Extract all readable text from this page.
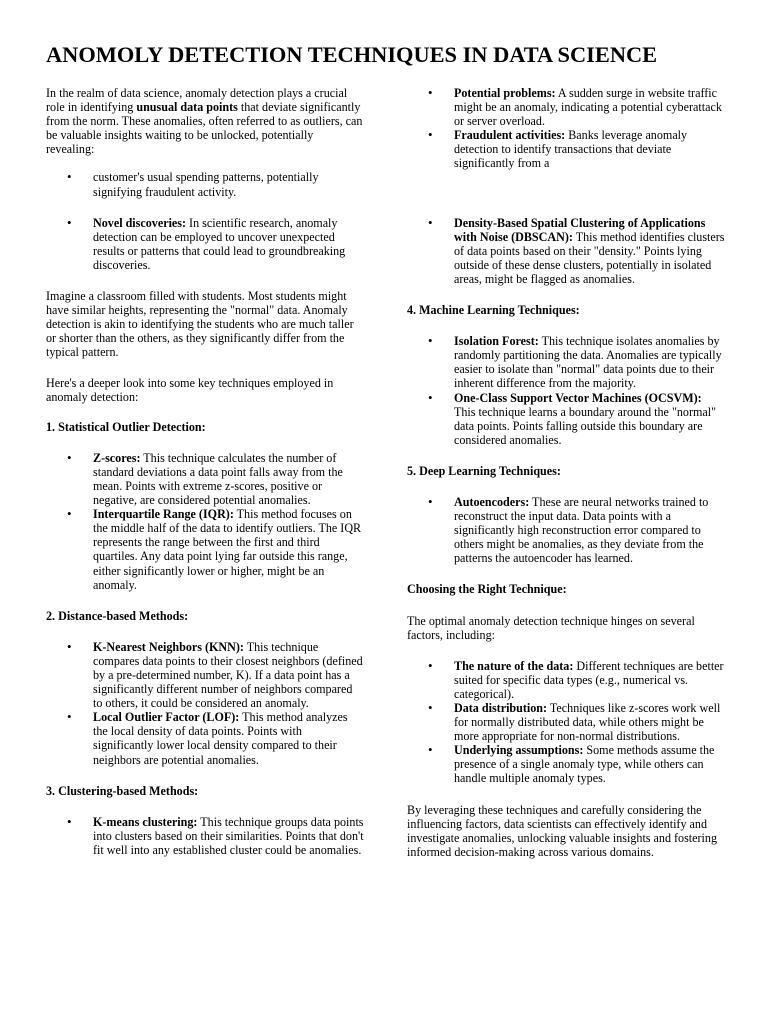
ANOMOLY DETECTION TECHNIQUES IN DATA SCIENCE

In the realm of data science, anomaly detection plays a crucial role in identifying unusual data points that deviate significantly from the norm. These anomalies, often referred to as outliers, can be valuable insights waiting to be unlocked, potentially revealing:

• customer's usual spending patterns, potentially signifying fraudulent activity.
• Novel discoveries: In scientific research, anomaly detection can be employed to uncover unexpected results or patterns that could lead to groundbreaking discoveries.

Imagine a classroom filled with students. Most students might have similar heights, representing the "normal" data. Anomaly detection is akin to identifying the students who are much taller or shorter than the others, as they significantly differ from the typical pattern.

Here's a deeper look into some key techniques employed in anomaly detection:

1. Statistical Outlier Detection:

• Z-scores: This technique calculates the number of standard deviations a data point falls away from the mean. Points with extreme z-scores, positive or negative, are considered potential anomalies.
• Interquartile Range (IQR): This method focuses on the middle half of the data to identify outliers. The IQR represents the range between the first and third quartiles. Any data point lying far outside this range, either significantly lower or higher, might be an anomaly.

2. Distance-based Methods:

• K-Nearest Neighbors (KNN): This technique compares data points to their closest neighbors (defined by a pre-determined number, K). If a data point has a significantly different number of neighbors compared to others, it could be considered an anomaly.
• Local Outlier Factor (LOF): This method analyzes the local density of data points. Points with significantly lower local density compared to their neighbors are potential anomalies.

3. Clustering-based Methods:

• K-means clustering: This technique groups data points into clusters based on their similarities. Points that don't fit well into any established cluster could be anomalies.
• Potential problems: A sudden surge in website traffic might be an anomaly, indicating a potential cyberattack or server overload.
• Fraudulent activities: Banks leverage anomaly detection to identify transactions that deviate significantly from a
• Density-Based Spatial Clustering of Applications with Noise (DBSCAN): This method identifies clusters of data points based on their "density." Points lying outside of these dense clusters, potentially in isolated areas, might be flagged as anomalies.

4. Machine Learning Techniques:

• Isolation Forest: This technique isolates anomalies by randomly partitioning the data. Anomalies are typically easier to isolate than "normal" data points due to their inherent difference from the majority.
• One-Class Support Vector Machines (OCSVM): This technique learns a boundary around the "normal" data points. Points falling outside this boundary are considered anomalies.

5. Deep Learning Techniques:

• Autoencoders: These are neural networks trained to reconstruct the input data. Data points with a significantly high reconstruction error compared to others might be anomalies, as they deviate from the patterns the autoencoder has learned.

Choosing the Right Technique:

The optimal anomaly detection technique hinges on several factors, including:

• The nature of the data: Different techniques are better suited for specific data types (e.g., numerical vs. categorical).
• Data distribution: Techniques like z-scores work well for normally distributed data, while others might be more appropriate for non-normal distributions.
• Underlying assumptions: Some methods assume the presence of a single anomaly type, while others can handle multiple anomaly types.

By leveraging these techniques and carefully considering the influencing factors, data scientists can effectively identify and investigate anomalies, unlocking valuable insights and fostering informed decision-making across various domains.
